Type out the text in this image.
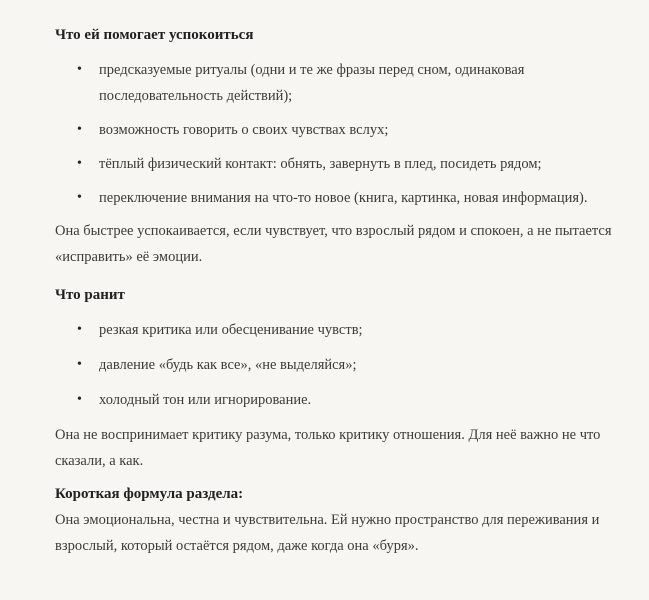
Что ей помогает успокоиться
• предсказуемые ритуалы (одни и те же фразы перед сном, одинаковая последовательность действий);
• возможность говорить о своих чувствах вслух;
• тёплый физический контакт: обнять, завернуть в плед, посидеть рядом;
• переключение внимания на что-то новое (книга, картинка, новая информация).

Она быстрее успокаивается, если чувствует, что взрослый рядом и спокоен, а не пытается «исправить» её эмоции.

Что ранит
• резкая критика или обесценивание чувств;
• давление «будь как все», «не выделяйся»;
• холодный тон или игнорирование.

Она не воспринимает критику разума, только критику отношения. Для неё важно не что сказали, а как.

Короткая формула раздела:

Она эмоциональна, честна и чувствительна. Ей нужно пространство для переживания и взрослый, который остаётся рядом, даже когда она «буря».
